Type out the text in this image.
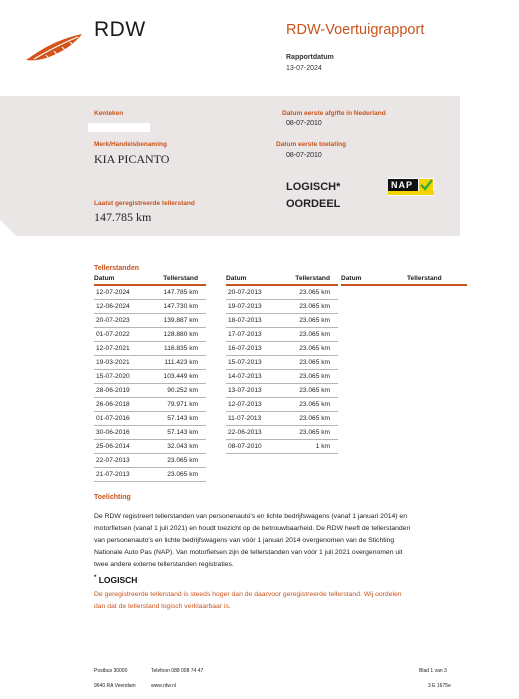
RDW	RDW-Voertuigrapport
Rapportdatum
13-07-2024
Kenteken
Merk/Handelsbenaming
KIA PICANTO
Laatst geregistreerde tellerstand
147.785 km
Datum eerste afgifte in Nederland
08-07-2010
Datum eerste toelating
08-07-2010
LOGISCH*
OORDEEL
NAP
Tellerstanden
Datum	Tellerstand
12-07-2024	147.785 km
12-06-2024	147.730 km
20-07-2023	139.887 km
01-07-2022	128.880 km
12-07-2021	116.835 km
19-03-2021	111.423 km
15-07-2020	103.449 km
28-06-2019	90.252 km
26-06-2018	79.971 km
01-07-2016	57.143 km
30-06-2016	57.143 km
25-06-2014	32.043 km
22-07-2013	23.065 km
21-07-2013	23.065 km
Datum	Tellerstand
20-07-2013	23.065 km
19-07-2013	23.065 km
18-07-2013	23.065 km
17-07-2013	23.065 km
16-07-2013	23.065 km
15-07-2013	23.065 km
14-07-2013	23.065 km
13-07-2013	23.065 km
12-07-2013	23.065 km
11-07-2013	23.065 km
22-06-2013	23.065 km
08-07-2010	1 km
Datum	Tellerstand
Toelichting
De RDW registreert tellerstanden van personenauto's en lichte bedrijfswagens (vanaf 1 januari 2014) en motorfietsen (vanaf 1 juli 2021) en houdt toezicht op de betrouwbaarheid. De RDW heeft de tellerstanden van personenauto's en lichte bedrijfswagens van vóór 1 januari 2014 overgenomen van de Stichting Nationale Auto Pas (NAP). Van motorfietsen zijn de tellerstanden van vóór 1 juli 2021 overgenomen uit twee andere externe tellerstanden registraties.
* LOGISCH
De geregistreerde tellerstand is steeds hoger dan de daarvoor geregistreerde tellerstand. Wij oordelen dan dat de tellerstand logisch verklaarbaar is.
Postbus 30000	Telefoon 088 008 74 47	Blad 1 van 3
9640 RA Veendam	www.rdw.nl	3 E 1675e
